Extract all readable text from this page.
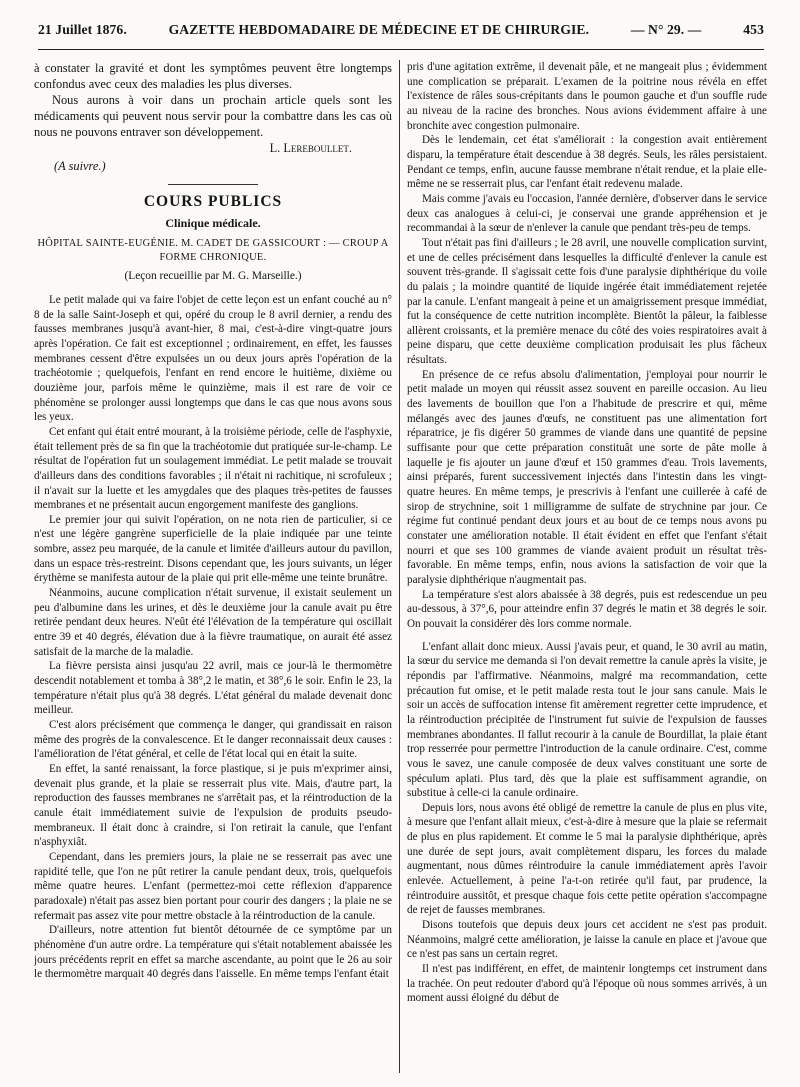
21 Juillet 1876.	GAZETTE HEBDOMADAIRE DE MÉDECINE ET DE CHIRURGIE.	— N° 29. —	453

à constater la gravité et dont les symptômes peuvent être longtemps confondus avec ceux des maladies les plus diverses.

Nous aurons à voir dans un prochain article quels sont les médicaments qui peuvent nous servir pour la combattre dans les cas où nous ne pouvons entraver son développement.

L. Lereboullet.
(A suivre.)
COURS PUBLICS
Clinique médicale.
HÔPITAL SAINTE-EUGÉNIE. M. CADET DE GASSICOURT : — CROUP A FORME CHRONIQUE.
(Leçon recueillie par M. G. Marseille.)

Le petit malade qui va faire l'objet de cette leçon est un enfant couché au n° 8 de la salle Saint-Joseph et qui, opéré du croup le 8 avril dernier, a rendu des fausses membranes jusqu'à avant-hier, 8 mai, c'est-à-dire vingt-quatre jours après l'opération. Ce fait est exceptionnel ; ordinairement, en effet, les fausses membranes cessent d'être expulsées un ou deux jours après l'opération de la trachéotomie ; quelquefois, l'enfant en rend encore le huitième, dixième ou douzième jour, parfois même le quinzième, mais il est rare de voir ce phénomène se prolonger aussi longtemps que dans le cas que nous avons sous les yeux.

Cet enfant qui était entré mourant, à la troisième période, celle de l'asphyxie, était tellement près de sa fin que la trachéotomie dut pratiquée sur-le-champ. Le résultat de l'opération fut un soulagement immédiat. Le petit malade se trouvait d'ailleurs dans des conditions favorables ; il n'était ni rachitique, ni scrofuleux ; il n'avait sur la luette et les amygdales que des plaques très-petites de fausses membranes et ne présentait aucun engorgement manifeste des ganglions.

Le premier jour qui suivit l'opération, on ne nota rien de particulier, si ce n'est une légère gangrène superficielle de la plaie indiquée par une teinte sombre, assez peu marquée, de la canule et limitée d'ailleurs autour du pavillon, dans un espace très-restreint. Disons cependant que, les jours suivants, un léger érythème se manifesta autour de la plaie qui prit elle-même une teinte brunâtre.

Néanmoins, aucune complication n'était survenue, il existait seulement un peu d'albumine dans les urines, et dès le deuxième jour la canule avait pu être retirée pendant deux heures. N'eût été l'élévation de la température qui oscillait entre 39 et 40 degrés, élévation due à la fièvre traumatique, on aurait été assez satisfait de la marche de la maladie.

La fièvre persista ainsi jusqu'au 22 avril, mais ce jour-là le thermomètre descendit notablement et tomba à 38°,2 le matin, et 38°,6 le soir. Enfin le 23, la température n'était plus qu'à 38 degrés. L'état général du malade devenait donc meilleur.

C'est alors précisément que commença le danger, qui grandissait en raison même des progrès de la convalescence. Et le danger reconnaissait deux causes : l'amélioration de l'état général, et celle de l'état local qui en était la suite.

En effet, la santé renaissant, la force plastique, si je puis m'exprimer ainsi, devenait plus grande, et la plaie se resserrait plus vite. Mais, d'autre part, la reproduction des fausses membranes ne s'arrêtait pas, et la réintroduction de la canule était immédiatement suivie de l'expulsion de produits pseudo-membraneux. Il était donc à craindre, si l'on retirait la canule, que l'enfant n'asphyxiât.

Cependant, dans les premiers jours, la plaie ne se resserrait pas avec une rapidité telle, que l'on ne pût retirer la canule pendant deux, trois, quelquefois même quatre heures. L'enfant (permettez-moi cette réflexion d'apparence paradoxale) n'était pas assez bien portant pour courir des dangers ; la plaie ne se refermait pas assez vite pour mettre obstacle à la réintroduction de la canule.

D'ailleurs, notre attention fut bientôt détournée de ce symptôme par un phénomène d'un autre ordre. La température qui s'était notablement abaissée les jours précédents reprit en effet sa marche ascendante, au point que le 26 au soir le thermomètre marquait 40 degrés dans l'aisselle. En même temps l'enfant était

pris d'une agitation extrême, il devenait pâle, et ne mangeait plus ; évidemment une complication se préparait. L'examen de la poitrine nous révéla en effet l'existence de râles sous-crépitants dans le poumon gauche et d'un souffle rude au niveau de la racine des bronches. Nous avions évidemment affaire à une bronchite avec congestion pulmonaire.

Dès le lendemain, cet état s'améliorait : la congestion avait entièrement disparu, la température était descendue à 38 degrés. Seuls, les râles persistaient. Pendant ce temps, enfin, aucune fausse membrane n'était rendue, et la plaie elle-même ne se resserrait plus, car l'enfant était redevenu malade.

Mais comme j'avais eu l'occasion, l'année dernière, d'observer dans le service deux cas analogues à celui-ci, je conservai une grande appréhension et je recommandai à la sœur de n'enlever la canule que pendant très-peu de temps.

Tout n'était pas fini d'ailleurs ; le 28 avril, une nouvelle complication survint, et une de celles précisément dans lesquelles la difficulté d'enlever la canule est souvent très-grande. Il s'agissait cette fois d'une paralysie diphthérique du voile du palais ; la moindre quantité de liquide ingérée était immédiatement rejetée par la canule. L'enfant mangeait à peine et un amaigrissement presque immédiat, fut la conséquence de cette nutrition incomplète. Bientôt la pâleur, la faiblesse allèrent croissants, et la première menace du côté des voies respiratoires avait à peine disparu, que cette deuxième complication produisait les plus fâcheux résultats.

En présence de ce refus absolu d'alimentation, j'employai pour nourrir le petit malade un moyen qui réussit assez souvent en pareille occasion. Au lieu des lavements de bouillon que l'on a l'habitude de prescrire et qui, même mélangés avec des jaunes d'œufs, ne constituent pas une alimentation fort réparatrice, je fis digérer 50 grammes de viande dans une quantité de pepsine suffisante pour que cette préparation constituât une sorte de pâte molle à laquelle je fis ajouter un jaune d'œuf et 150 grammes d'eau. Trois lavements, ainsi préparés, furent successivement injectés dans l'intestin dans les vingt-quatre heures. En même temps, je prescrivis à l'enfant une cuillerée à café de sirop de strychnine, soit 1 milligramme de sulfate de strychnine par jour. Ce régime fut continué pendant deux jours et au bout de ce temps nous avons pu constater une amélioration notable. Il était évident en effet que l'enfant s'était nourri et que ses 100 grammes de viande avaient produit un résultat très-favorable. En même temps, enfin, nous avions la satisfaction de voir que la paralysie diphthérique n'augmentait pas.

La température s'est alors abaissée à 38 degrés, puis est redescendue un peu au-dessous, à 37°,6, pour atteindre enfin 37 degrés le matin et 38 degrés le soir. On pouvait la considérer dès lors comme normale.

L'enfant allait donc mieux. Aussi j'avais peur, et quand, le 30 avril au matin, la sœur du service me demanda si l'on devait remettre la canule après la visite, je répondis par l'affirmative. Néanmoins, malgré ma recommandation, cette précaution fut omise, et le petit malade resta tout le jour sans canule. Mais le soir un accès de suffocation intense fit amèrement regretter cette imprudence, et la réintroduction précipitée de l'instrument fut suivie de l'expulsion de fausses membranes abondantes. Il fallut recourir à la canule de Bourdillat, la plaie étant trop resserrée pour permettre l'introduction de la canule ordinaire. C'est, comme vous le savez, une canule composée de deux valves constituant une sorte de spéculum aplati. Plus tard, dès que la plaie est suffisamment agrandie, on substitue à celle-ci la canule ordinaire.

Depuis lors, nous avons été obligé de remettre la canule de plus en plus vite, à mesure que l'enfant allait mieux, c'est-à-dire à mesure que la plaie se refermait de plus en plus rapidement. Et comme le 5 mai la paralysie diphthérique, après une durée de sept jours, avait complètement disparu, les forces du malade augmentant, nous dûmes réintroduire la canule immédiatement après l'avoir enlevée. Actuellement, à peine l'a-t-on retirée qu'il faut, par prudence, la réintroduire aussitôt, et presque chaque fois cette petite opération s'accompagne de rejet de fausses membranes.

Disons toutefois que depuis deux jours cet accident ne s'est pas produit. Néanmoins, malgré cette amélioration, je laisse la canule en place et j'avoue que ce n'est pas sans un certain regret.

Il n'est pas indifférent, en effet, de maintenir longtemps cet instrument dans la trachée. On peut redouter d'abord qu'à l'époque où nous sommes arrivés, à un moment aussi éloigné du début de
